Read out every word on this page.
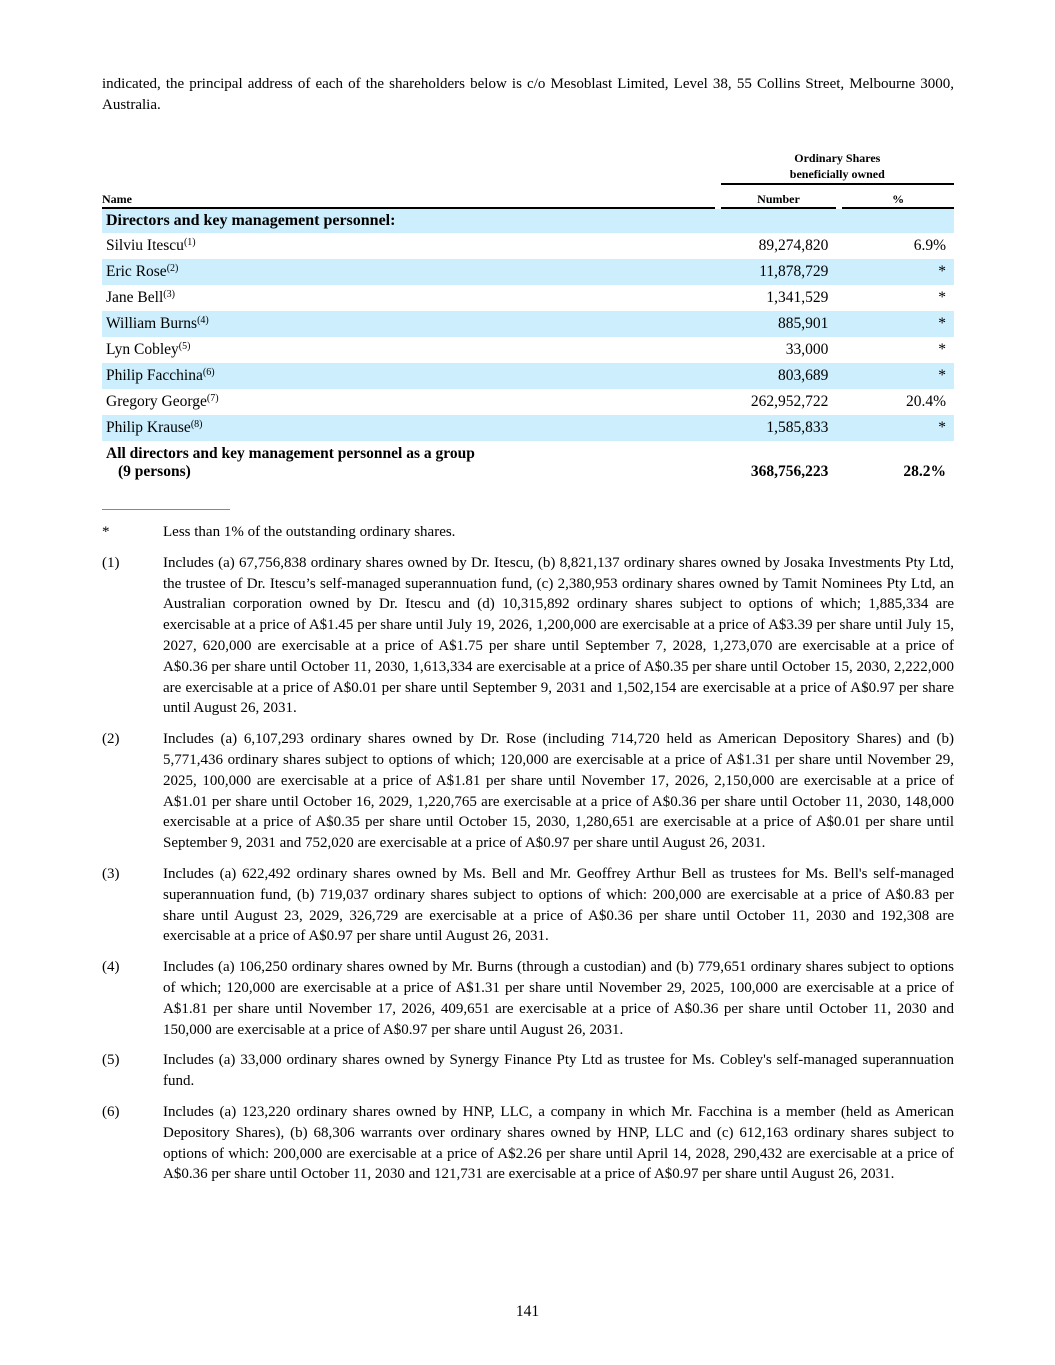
indicated, the principal address of each of the shareholders below is c/o Mesoblast Limited, Level 38, 55 Collins Street, Melbourne 3000, Australia.

		Ordinary Shares
beneficially owned		

Name		Number		%
Directors and key management personnel:				
Silviu Itescu$^{(1)}$		89,274,820		6.9%
Eric Rose$^{(2)}$		11,878,729		*
Jane Bell$^{(3)}$		1,341,529		*
William Burns$^{(4)}$		885,901		*
Lyn Cobley$^{(5)}$		33,000		*
Philip Facchina$^{(6)}$		803,689		*
Gregory George$^{(7)}$		262,952,722		20.4%
Philip Krause$^{(8)}$		1,585,833		*

All directors and key management personnel as a group
(9 persons)		368,756,223		28.2%
*	Less than 1% of the outstanding ordinary shares.
(1)	Includes (a) 67,756,838 ordinary shares owned by Dr. Itescu, (b) 8,821,137 ordinary shares owned by Josaka Investments Pty Ltd, the trustee of Dr. Itescu’s self-managed superannuation fund, (c) 2,380,953 ordinary shares owned by Tamit Nominees Pty Ltd, an Australian corporation owned by Dr. Itescu and (d) 10,315,892 ordinary shares subject to options of which; 1,885,334 are exercisable at a price of A$1.45 per share until July 19, 2026, 1,200,000 are exercisable at a price of A$3.39 per share until July 15, 2027, 620,000 are exercisable at a price of A$1.75 per share until September 7, 2028, 1,273,070 are exercisable at a price of A$0.36 per share until October 11, 2030, 1,613,334 are exercisable at a price of A$0.35 per share until October 15, 2030, 2,222,000 are exercisable at a price of A$0.01 per share until September 9, 2031 and 1,502,154 are exercisable at a price of A$0.97 per share until August 26, 2031.
(2)	Includes (a) 6,107,293 ordinary shares owned by Dr. Rose (including 714,720 held as American Depository Shares) and (b) 5,771,436 ordinary shares subject to options of which; 120,000 are exercisable at a price of A$1.31 per share until November 29, 2025, 100,000 are exercisable at a price of A$1.81 per share until November 17, 2026, 2,150,000 are exercisable at a price of A$1.01 per share until October 16, 2029, 1,220,765 are exercisable at a price of A$0.36 per share until October 11, 2030, 148,000 exercisable at a price of A$0.35 per share until October 15, 2030, 1,280,651 are exercisable at a price of A$0.01 per share until September 9, 2031 and 752,020 are exercisable at a price of A$0.97 per share until August 26, 2031.
(3)	Includes (a) 622,492 ordinary shares owned by Ms. Bell and Mr. Geoffrey Arthur Bell as trustees for Ms. Bell's self-managed superannuation fund, (b) 719,037 ordinary shares subject to options of which: 200,000 are exercisable at a price of A$0.83 per share until August 23, 2029, 326,729 are exercisable at a price of A$0.36 per share until October 11, 2030 and 192,308 are exercisable at a price of A$0.97 per share until August 26, 2031.
(4)	Includes (a) 106,250 ordinary shares owned by Mr. Burns (through a custodian) and (b) 779,651 ordinary shares subject to options of which; 120,000 are exercisable at a price of A$1.31 per share until November 29, 2025, 100,000 are exercisable at a price of A$1.81 per share until November 17, 2026, 409,651 are exercisable at a price of A$0.36 per share until October 11, 2030 and 150,000 are exercisable at a price of A$0.97 per share until August 26, 2031.
(5)	Includes (a) 33,000 ordinary shares owned by Synergy Finance Pty Ltd as trustee for Ms. Cobley's self-managed superannuation fund.
(6)	Includes (a) 123,220 ordinary shares owned by HNP, LLC, a company in which Mr. Facchina is a member (held as American Depository Shares), (b) 68,306 warrants over ordinary shares owned by HNP, LLC and (c) 612,163 ordinary shares subject to options of which: 200,000 are exercisable at a price of A$2.26 per share until April 14, 2028, 290,432 are exercisable at a price of A$0.36 per share until October 11, 2030 and 121,731 are exercisable at a price of A$0.97 per share until August 26, 2031.
141
